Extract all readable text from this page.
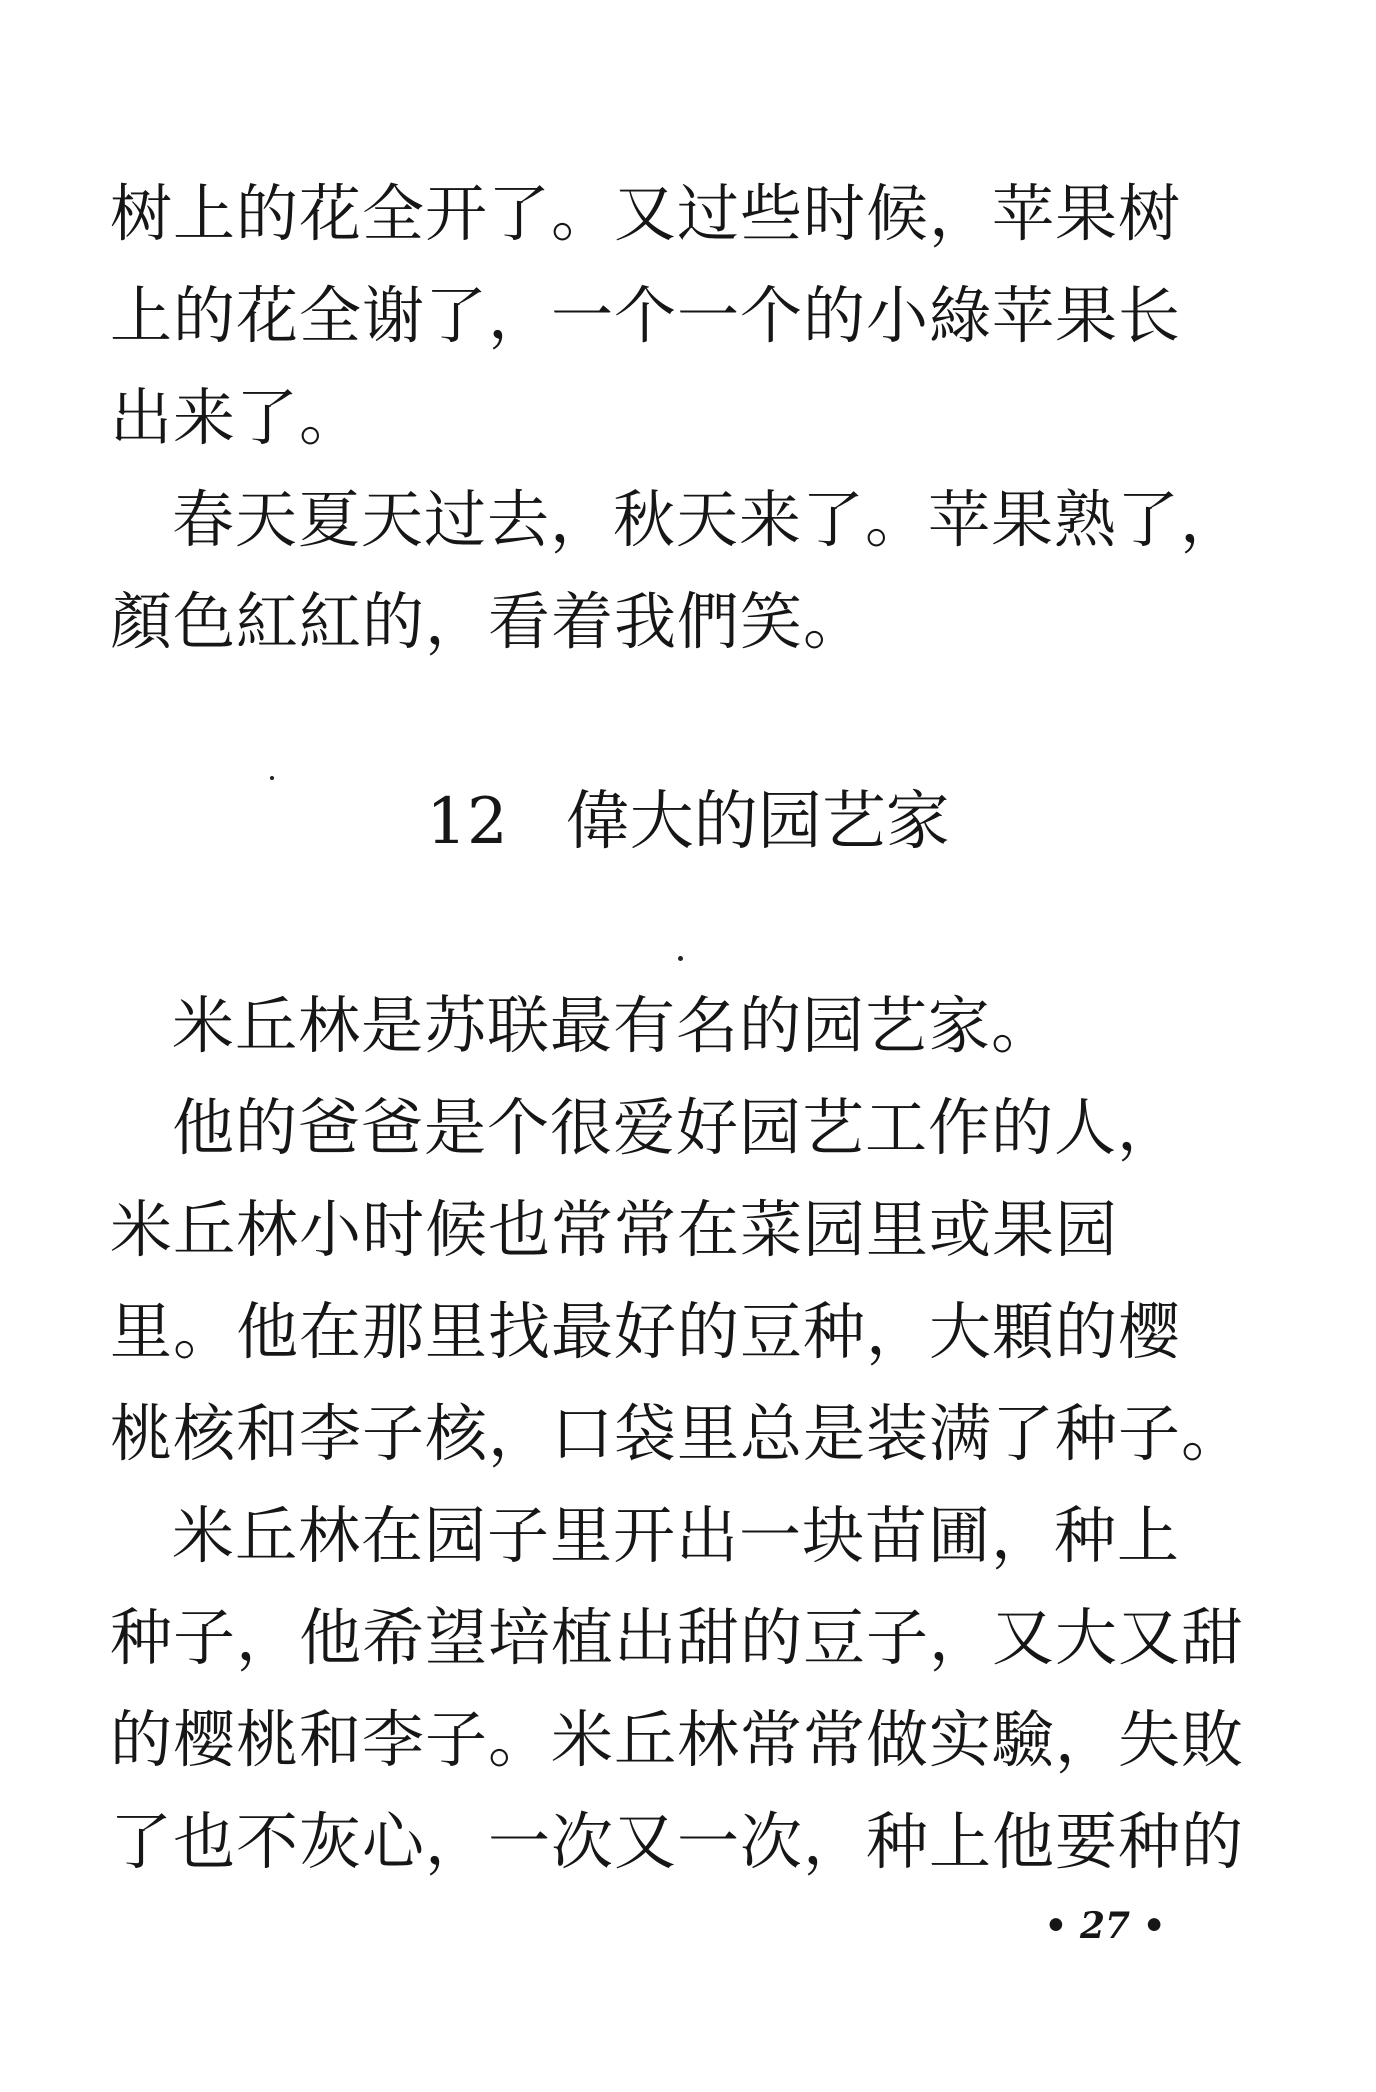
树上的花全开了。又过些时候，苹果树
上的花全谢了，一个一个的小綠苹果长
出来了。
春天夏天过去，秋天来了。苹果熟了，
顏色紅紅的，看着我們笑。
12 偉大的园艺家
米丘林是苏联最有名的园艺家。
他的爸爸是个很爱好园艺工作的人，
米丘林小时候也常常在菜园里或果园
里。他在那里找最好的豆种，大顆的樱
桃核和李子核，口袋里总是装满了种子。
米丘林在园子里开出一块苗圃，种上
种子，他希望培植出甜的豆子，又大又甜
的樱桃和李子。米丘林常常做实驗，失敗
了也不灰心，一次又一次，种上他要种的
• 27 •
